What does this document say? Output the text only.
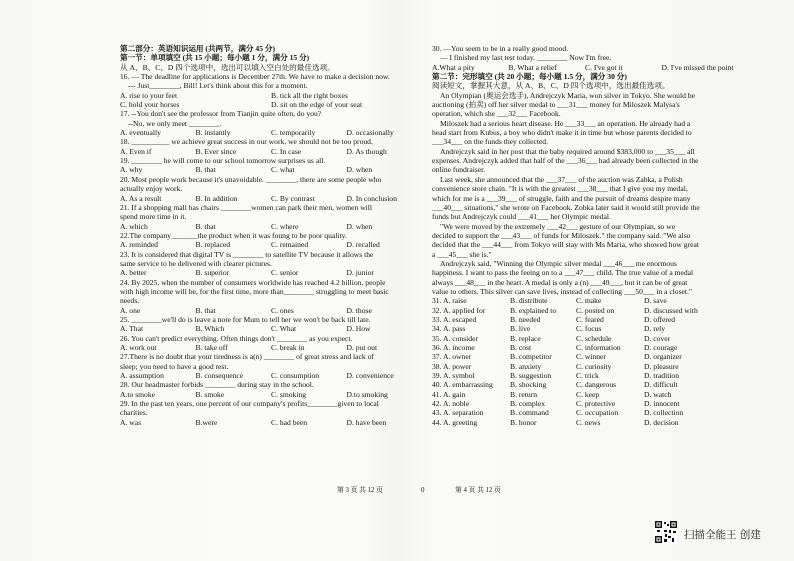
第二部分：英语知识运用 (共两节，满分 45 分)
第一节：单项填空 (共 15 小题；每小题 1 分，满分 15 分)
从 A、B、C、D 四个选项中，选出可以填入空白处的最佳选项。
16. — The deadline for applications is December 27th. We have to make a decision now.
--- Just________, Bill! Let's think about this for a moment.
A. rise to your feet	B. tick all the right boxes
C. hold your horses	D. sit on the edge of your seat
17. --You don't see the professor from Tianjin quite often, do you?
--No, we only meet ________.
A. eventually	B. instantly	C. temporarily	D. occasionally
18. __________ we achieve great success in our work, we should not be too proud.
A. Even if	B. Ever since	C. In case	D. As though
19. ________ he will come to our school tomorrow surprises us all.
A. why	B. that	C. what	D. when
20. Most people work because it's unavoidable. ________, there are some people who
actually enjoy work.
A. As a result	B. In addition	C. By contrast	D. In conclusion
21. If a shopping mall has chairs ________women can park their men, women will
spend more time in it.
A. which	B. that	C. where	D. when
22.The company_______the product when it was foung to be poor quality.
A. reminded	B. replaced	C. remained	D. recalled
23. It is considered that digital TV is ________ to satellite TV because it allows the
same service to be delivered with clearer pictures.
A. better	B. superior	C. senior	D. junior
24. By 2025, when the number of consumers worldwide has reached 4.2 billion, people
with high income will be, for the first time, more than________ struggling to meet basic
needs.
A. one	B. that	C. ones	D. those
25. ________we'll do is leave a note for Mum to tell her we won't be back till late.
A. That	B. Which	C. What	D. How
26. You can't predict everything. Often things don't ________ as you expect.
A. work out	B. take off	C. break in	D. put out
27.There is no doubt that your tiredness is a(n) ________ of great stress and lack of
sleep; you need to have a good rest.
A. assumption	B. consequence	C. consumption	D. convenience
28. Our headmaster forbids ________ during stay in the school.
A.to smoke	B. smoke	C. smoking	D.to smoking
29. In the past ten years, one percent of our company's profits________given to local
charities.
A. was	B.were	C. had been	D. have been
30. —You seem to be in a really good mood.
— I finished my last test today. ________ Now I'm free.
A.What a pity	B. What a relief	C. I've got it	D. I've missed the point
第二节：完形填空 (共 20 小题；每小题 1.5 分，满分 30 分)
阅读短文，掌握其大意，从 A、B、C、D 四个选项中，选出最佳选项。
An Olympian (奥运会选手), Andrejczyk Maria, won silver in Tokyo. She would be
auctioning (拍卖) off her silver medal to ___31___ money for Miloszek Malysa's
operation, which she ___32___ Facebook.
Miloszek had a serious heart disease. He ___33___ an operation. He already had a
head start from Kubus, a boy who didn't make it in time but whose parents decided to
___34___ on the funds they collected.
Andrejczyk said in her post that the baby required around $383,000 to ___35___ all
expenses. Andrejczyk added that half of the ___36___ had already been collected in the
online fundraiser.
Last week, she announced that the ___37___ of the auction was Zabka, a Polish
convenience store chain. "It is with the greatest ___38___ that I give you my medal,
which for me is a ___39___ of struggle, faith and the pursuit of dreams despite many
___40___ situations," she wrote on Facebook. Zobka later said it would still provide the
funds but Andrejczyk could ___41___ her Olympic medal.
"We were moved by the extremely ___42___ gesture of our Olympian, so we
decided to support the ___43___ of funds for Miloszek." the company said. "We also
decided that the ___44___ from Tokyo will stay with Ms Maria, who showed how great
a ___45___ she is."
Andrejczyk said, "Winning the Olympic silver medal ___46___ me enormous
happiness. I want to pass the feeing on to a ___47___ child. The true value of a medal
always ___48___ in the heart. A medal is only a (n) ___49___, but it can be of great
value to others. This silver can save lives, instead of collecting ___50___ in a closet."
31. A. raise	B. distribute	C. make	D. save
32. A. applied for	B. explained to	C. posted on	D. discussed with
33. A. escaped	B. needed	C. feared	D. offered
34. A. pass	B. live	C. focus	D. rely
35. A. consider	B. replace	C. schedule	D. cover
36. A. income	B. cost	C. information	D. courage
37. A. owner	B. competitor	C. winner	D. organizer
38. A. power	B. anxiety	C. curiosity	D. pleasure
39. A. symbol	B. suggestion	C. trick	D. tradition
40. A. embarrassing	B. shocking	C. dangerous	D. difficult
41. A. gain	B. return	C. keep	D. watch
42. A. noble	B. complex	C. protective	D. innocent
43. A. separation	B. command	C. occupation	D. collection
44. A. greeting	B. honor	C. news	D. decision
第 3 页 共 12 页	0	第 4 页 共 12 页
扫描全能王 创建
